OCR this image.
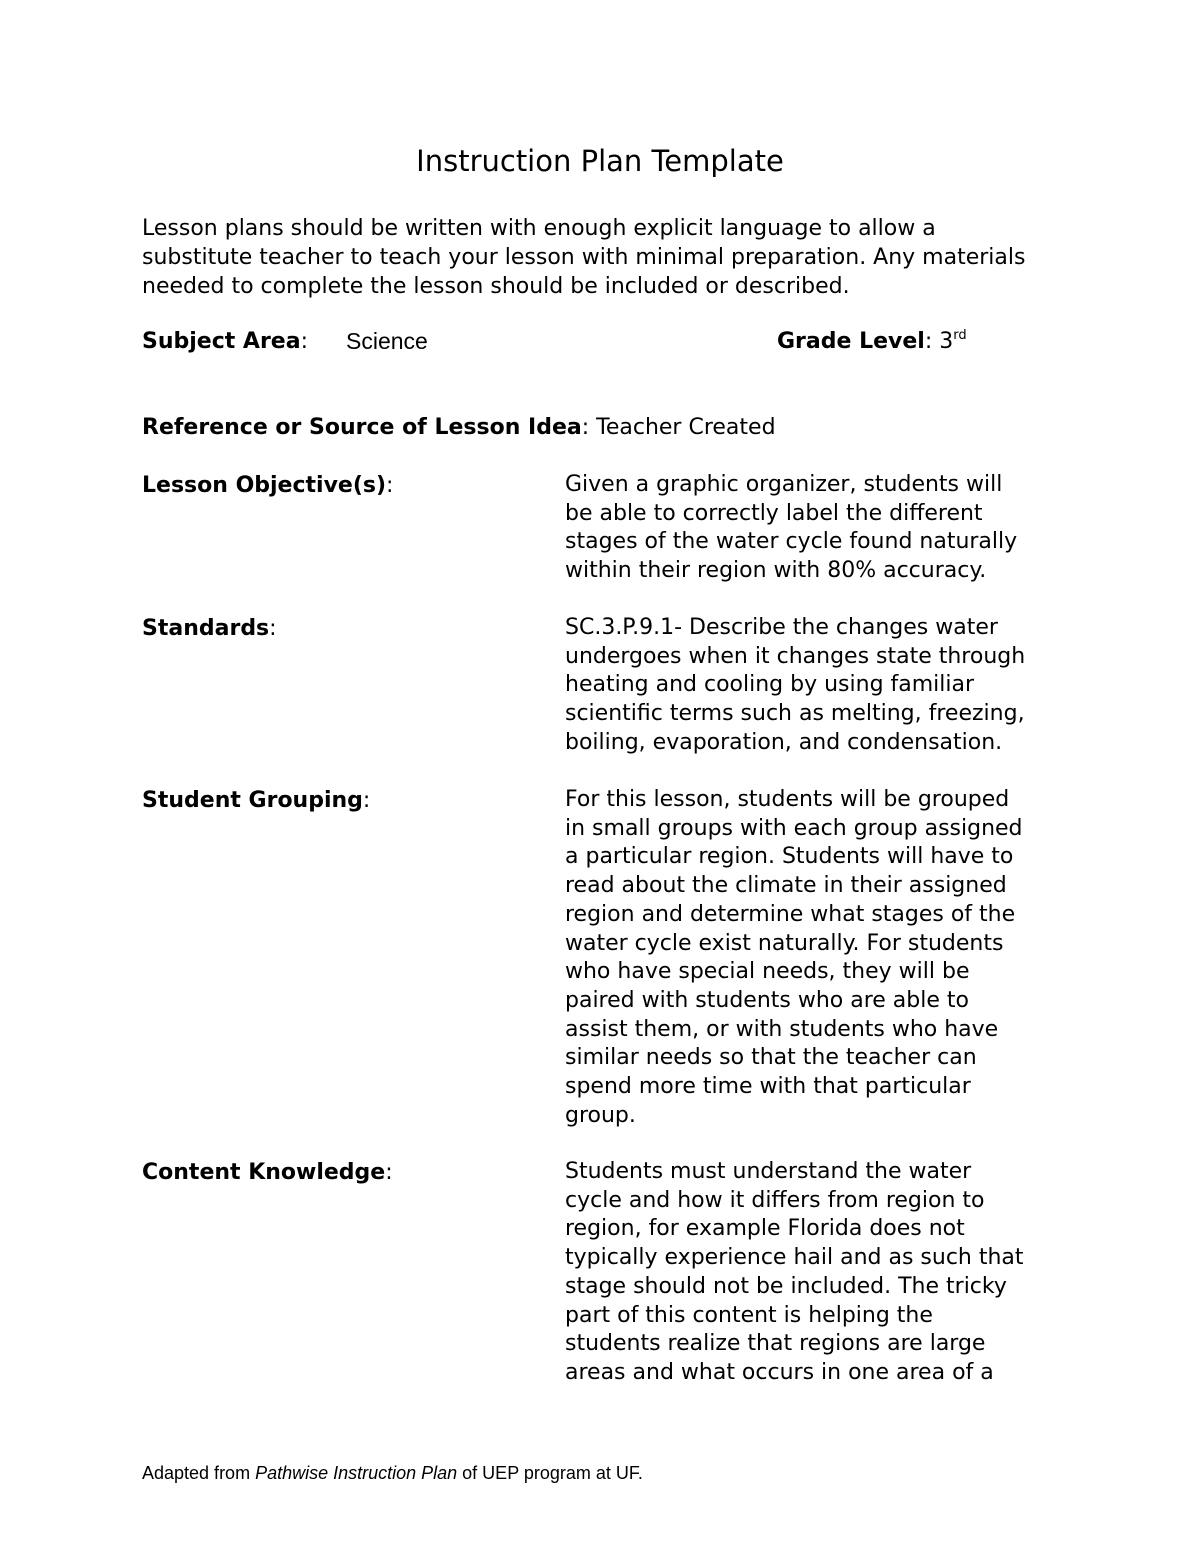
Instruction Plan Template
Lesson plans should be written with enough explicit language to allow a substitute teacher to teach your lesson with minimal preparation. Any materials needed to complete the lesson should be included or described.
Subject Area: Science	Grade Level: 3rd
Reference or Source of Lesson Idea: Teacher Created
Lesson Objective(s):	Given a graphic organizer, students will
be able to correctly label the different
stages of the water cycle found naturally
within their region with 80% accuracy.
Standards:	SC.3.P.9.1- Describe the changes water
undergoes when it changes state through
heating and cooling by using familiar
scientific terms such as melting, freezing,
boiling, evaporation, and condensation.
Student Grouping:	For this lesson, students will be grouped
in small groups with each group assigned
a particular region. Students will have to
read about the climate in their assigned
region and determine what stages of the
water cycle exist naturally. For students
who have special needs, they will be
paired with students who are able to
assist them, or with students who have
similar needs so that the teacher can
spend more time with that particular
group.
Content Knowledge:	Students must understand the water
cycle and how it differs from region to
region, for example Florida does not
typically experience hail and as such that
stage should not be included. The tricky
part of this content is helping the
students realize that regions are large
areas and what occurs in one area of a
Adapted from Pathwise Instruction Plan of UEP program at UF.
